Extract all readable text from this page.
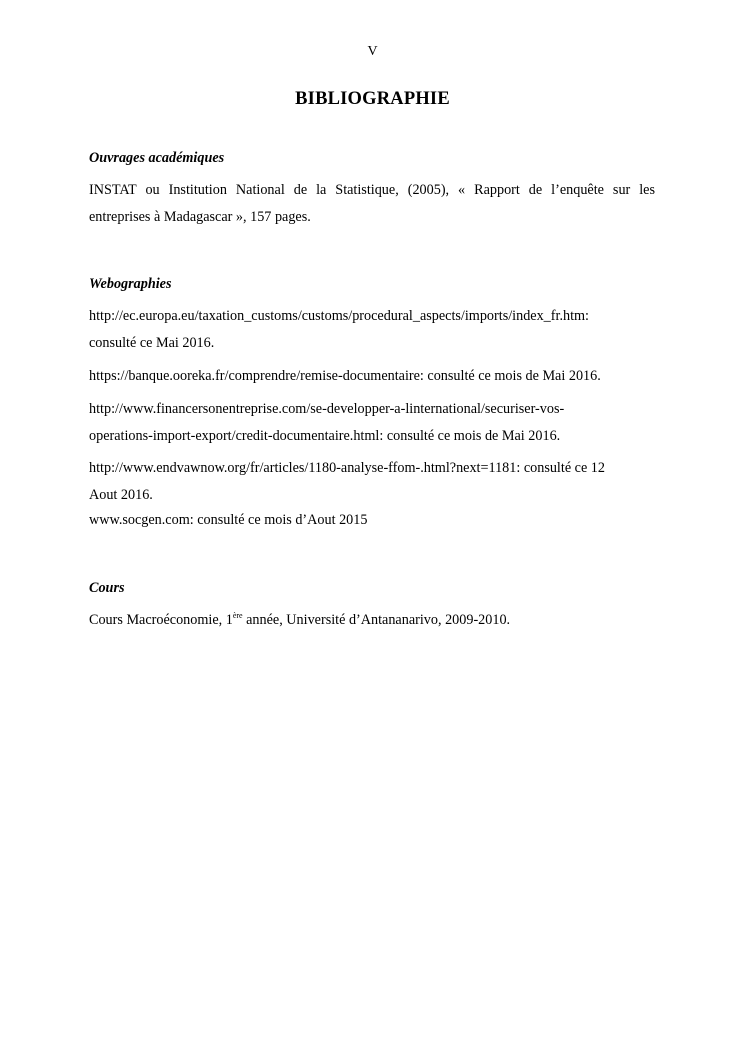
V
BIBLIOGRAPHIE
Ouvrages académiques
INSTAT ou Institution National de la Statistique, (2005), « Rapport de l’enquête sur les
entreprises à Madagascar », 157 pages.
Webographies
http://ec.europa.eu/taxation_customs/customs/procedural_aspects/imports/index_fr.htm:
consulté ce Mai 2016.
https://banque.ooreka.fr/comprendre/remise-documentaire: consulté ce mois de Mai 2016.
http://www.financersonentreprise.com/se-developper-a-linternational/securiser-vos-
operations-import-export/credit-documentaire.html: consulté ce mois de Mai 2016.
http://www.endvawnow.org/fr/articles/1180-analyse-ffom-.html?next=1181: consulté ce 12
Aout 2016.
www.socgen.com: consulté ce mois d’Aout 2015
Cours
Cours Macroéconomie, 1ère année, Université d’Antananarivo, 2009-2010.
